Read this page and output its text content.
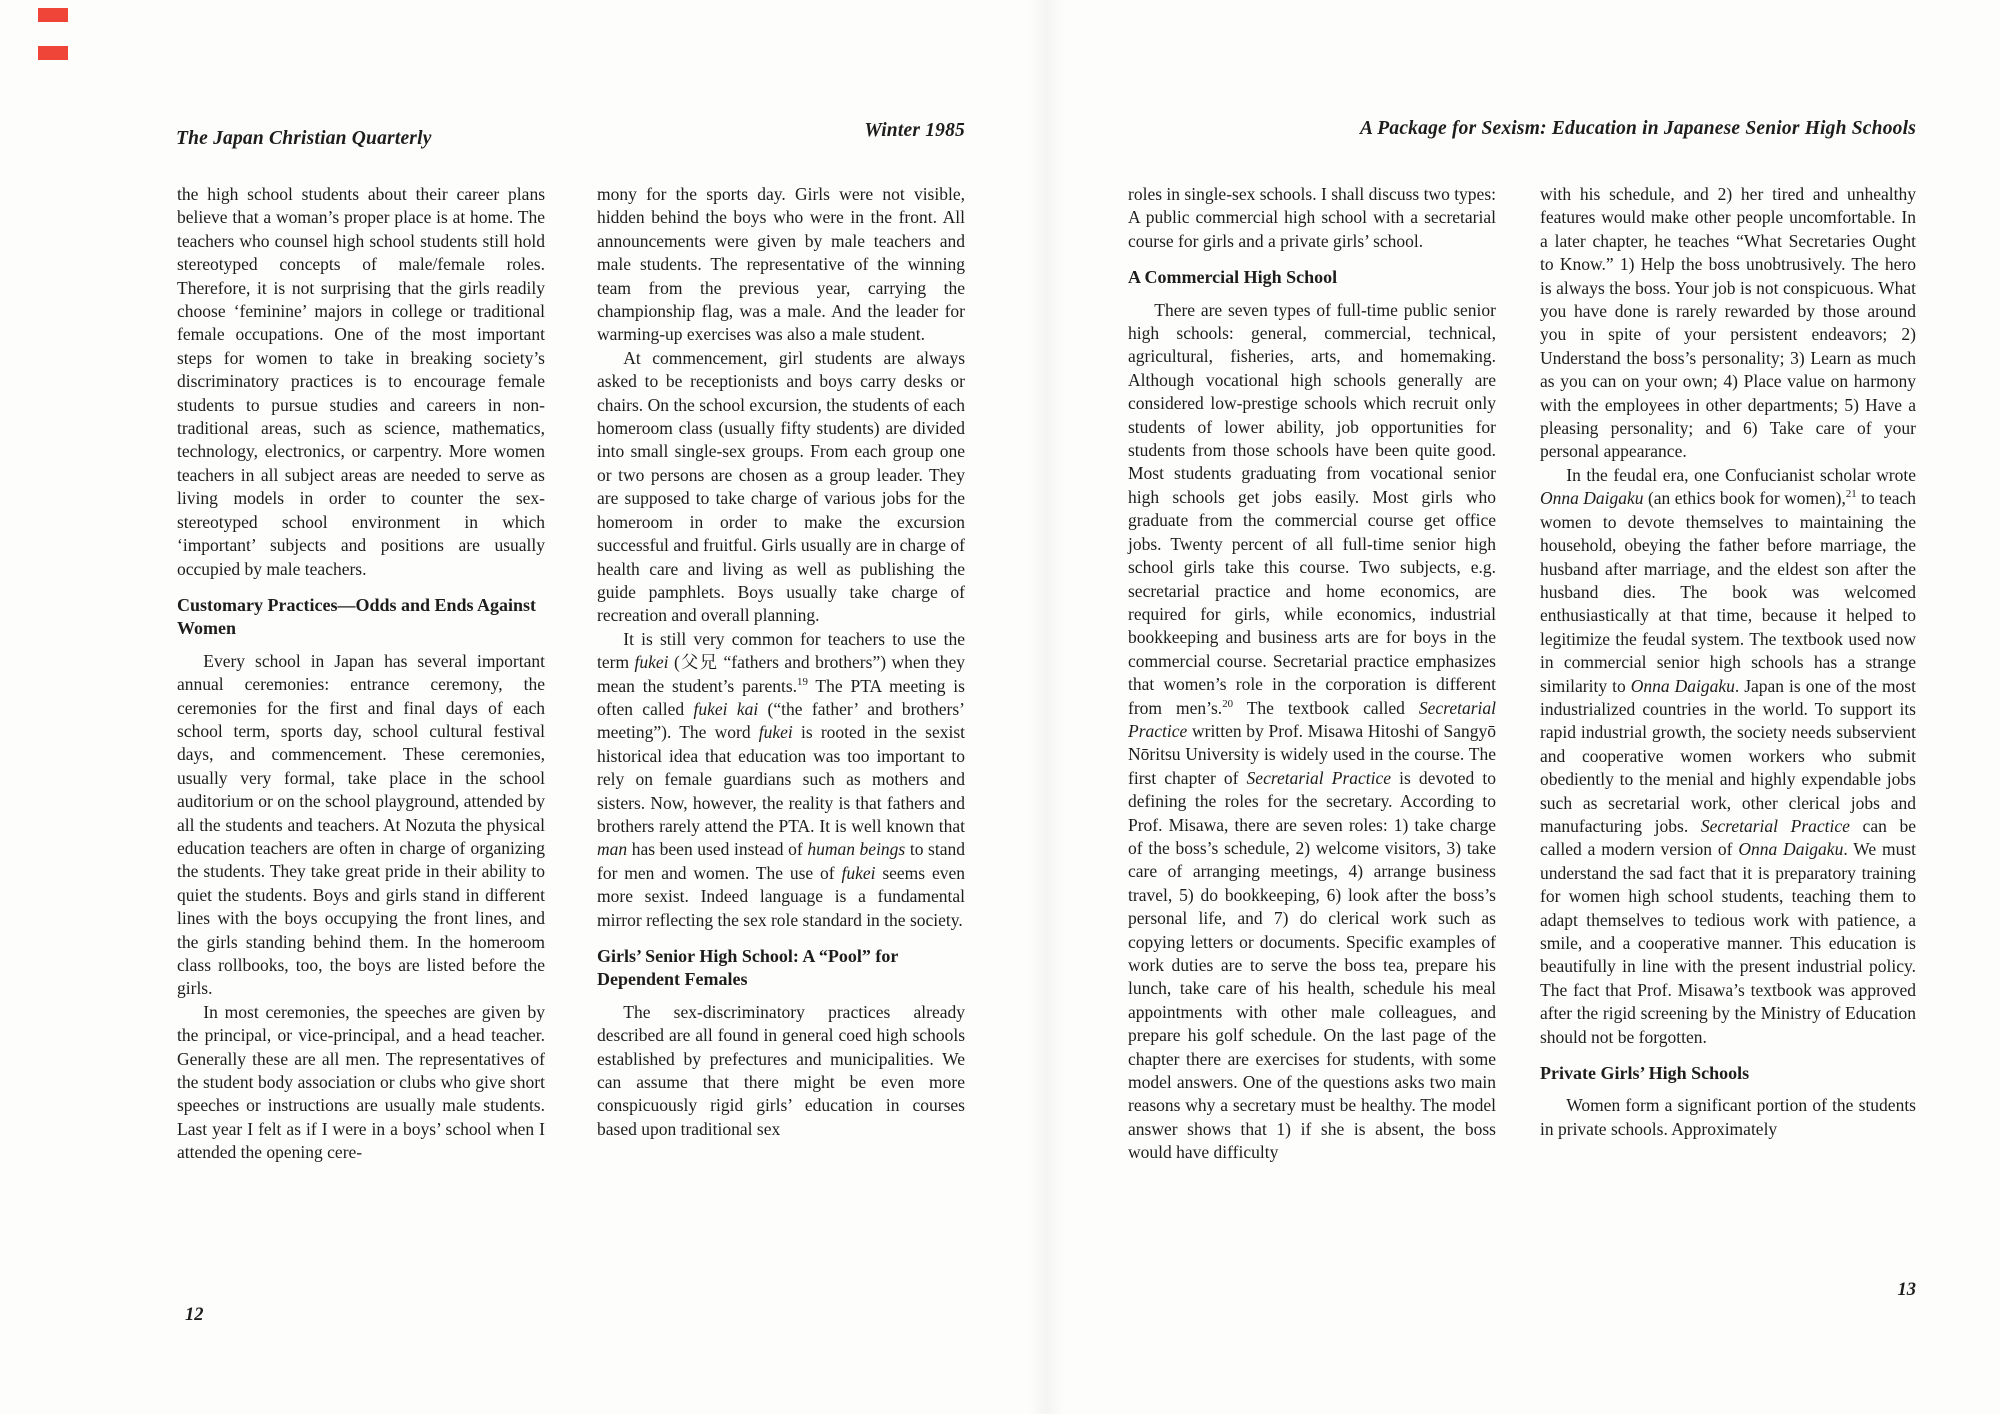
The Japan Christian Quarterly	Winter 1985	A Package for Sexism: Education in Japanese Senior High Schools

the high school students about their career plans believe that a woman’s proper place is at home. The teachers who counsel high school students still hold stereotyped concepts of male/female roles. Therefore, it is not surprising that the girls readily choose ‘feminine’ majors in college or traditional female occupations. One of the most important steps for women to take in breaking society’s discriminatory practices is to encourage female students to pursue studies and careers in non-traditional areas, such as science, mathematics, technology, electronics, or carpentry. More women teachers in all subject areas are needed to serve as living models in order to counter the sex-stereotyped school environment in which ‘important’ subjects and positions are usually occupied by male teachers.

Customary Practices—Odds and Ends Against Women

Every school in Japan has several important annual ceremonies: entrance ceremony, the ceremonies for the first and final days of each school term, sports day, school cultural festival days, and commencement. These ceremonies, usually very formal, take place in the school auditorium or on the school playground, attended by all the students and teachers. At Nozuta the physical education teachers are often in charge of organizing the students. They take great pride in their ability to quiet the students. Boys and girls stand in different lines with the boys occupying the front lines, and the girls standing behind them. In the homeroom class rollbooks, too, the boys are listed before the girls.

In most ceremonies, the speeches are given by the principal, or vice-principal, and a head teacher. Generally these are all men. The representatives of the student body association or clubs who give short speeches or instructions are usually male students. Last year I felt as if I were in a boys’ school when I attended the opening cere-

mony for the sports day. Girls were not visible, hidden behind the boys who were in the front. All announcements were given by male teachers and male students. The representative of the winning team from the previous year, carrying the championship flag, was a male. And the leader for warming-up exercises was also a male student.

At commencement, girl students are always asked to be receptionists and boys carry desks or chairs. On the school excursion, the students of each homeroom class (usually fifty students) are divided into small single-sex groups. From each group one or two persons are chosen as a group leader. They are supposed to take charge of various jobs for the homeroom in order to make the excursion successful and fruitful. Girls usually are in charge of health care and living as well as publishing the guide pamphlets. Boys usually take charge of recreation and overall planning.

It is still very common for teachers to use the term fukei (父兄 “fathers and brothers”) when they mean the student’s parents.$^{19}$ The PTA meeting is often called fukei kai (“the father’ and brothers’ meeting”). The word fukei is rooted in the sexist historical idea that education was too important to rely on female guardians such as mothers and sisters. Now, however, the reality is that fathers and brothers rarely attend the PTA. It is well known that man has been used instead of human beings to stand for men and women. The use of fukei seems even more sexist. Indeed language is a fundamental mirror reflecting the sex role standard in the society.

Girls’ Senior High School: A “Pool” for Dependent Females

The sex-discriminatory practices already described are all found in general coed high schools established by prefectures and municipalities. We can assume that there might be even more conspicuously rigid girls’ education in courses based upon traditional sex

roles in single-sex schools. I shall discuss two types: A public commercial high school with a secretarial course for girls and a private girls’ school.

A Commercial High School

There are seven types of full-time public senior high schools: general, commercial, technical, agricultural, fisheries, arts, and homemaking. Although vocational high schools generally are considered low-prestige schools which recruit only students of lower ability, job opportunities for students from those schools have been quite good. Most students graduating from vocational senior high schools get jobs easily. Most girls who graduate from the commercial course get office jobs. Twenty percent of all full-time senior high school girls take this course. Two subjects, e.g. secretarial practice and home economics, are required for girls, while economics, industrial bookkeeping and business arts are for boys in the commercial course. Secretarial practice emphasizes that women’s role in the corporation is different from men’s.$^{20}$ The textbook called Secretarial Practice written by Prof. Misawa Hitoshi of Sangyō Nōritsu University is widely used in the course. The first chapter of Secretarial Practice is devoted to defining the roles for the secretary. According to Prof. Misawa, there are seven roles: 1) take charge of the boss’s schedule, 2) welcome visitors, 3) take care of arranging meetings, 4) arrange business travel, 5) do bookkeeping, 6) look after the boss’s personal life, and 7) do clerical work such as copying letters or documents. Specific examples of work duties are to serve the boss tea, prepare his lunch, take care of his health, schedule his meal appointments with other male colleagues, and prepare his golf schedule. On the last page of the chapter there are exercises for students, with some model answers. One of the questions asks two main reasons why a secretary must be healthy. The model answer shows that 1) if she is absent, the boss would have difficulty

with his schedule, and 2) her tired and unhealthy features would make other people uncomfortable. In a later chapter, he teaches “What Secretaries Ought to Know.” 1) Help the boss unobtrusively. The hero is always the boss. Your job is not conspicuous. What you have done is rarely rewarded by those around you in spite of your persistent endeavors; 2) Understand the boss’s personality; 3) Learn as much as you can on your own; 4) Place value on harmony with the employees in other departments; 5) Have a pleasing personality; and 6) Take care of your personal appearance.

In the feudal era, one Confucianist scholar wrote Onna Daigaku (an ethics book for women),$^{21}$ to teach women to devote themselves to maintaining the household, obeying the father before marriage, the husband after marriage, and the eldest son after the husband dies. The book was welcomed enthusiastically at that time, because it helped to legitimize the feudal system. The textbook used now in commercial senior high schools has a strange similarity to Onna Daigaku. Japan is one of the most industrialized countries in the world. To support its rapid industrial growth, the society needs subservient and cooperative women workers who submit obediently to the menial and highly expendable jobs such as secretarial work, other clerical jobs and manufacturing jobs. Secretarial Practice can be called a modern version of Onna Daigaku. We must understand the sad fact that it is preparatory training for women high school students, teaching them to adapt themselves to tedious work with patience, a smile, and a cooperative manner. This education is beautifully in line with the present industrial policy. The fact that Prof. Misawa’s textbook was approved after the rigid screening by the Ministry of Education should not be forgotten.

Private Girls’ High Schools

Women form a significant portion of the students in private schools. Approximately

12
13
